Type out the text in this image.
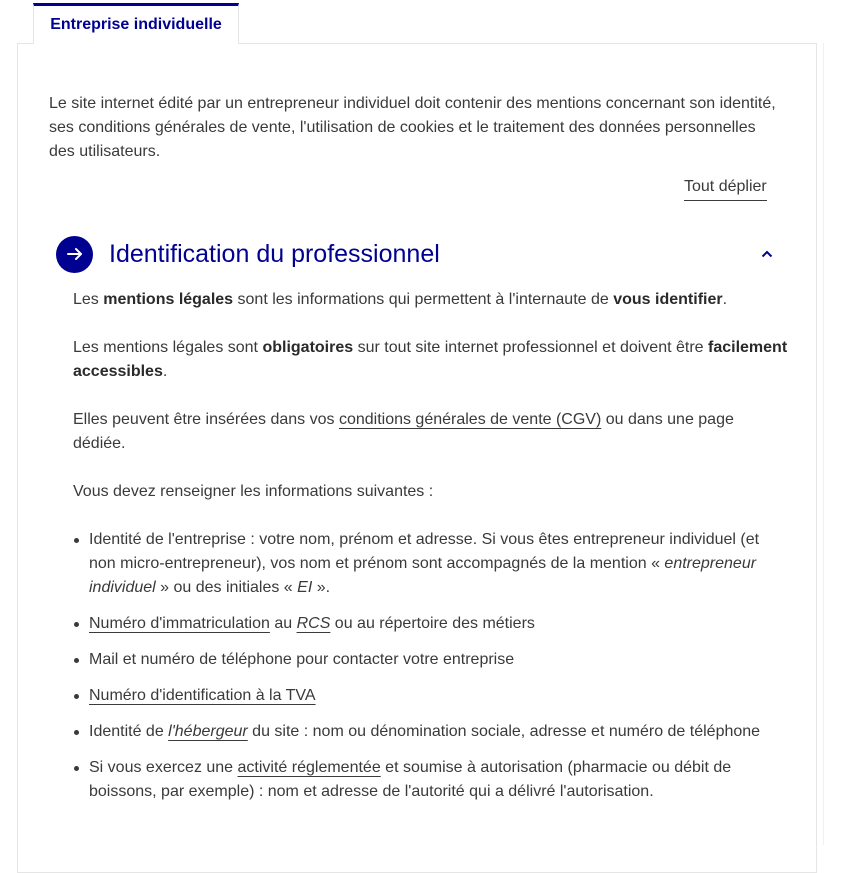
Entreprise individuelle

Le site internet édité par un entrepreneur individuel doit contenir des mentions concernant son identité, ses conditions générales de vente, l'utilisation de cookies et le traitement des données personnelles des utilisateurs.

Tout déplier
Identification du professionnel

Les mentions légales sont les informations qui permettent à l'internaute de vous identifier.

Les mentions légales sont obligatoires sur tout site internet professionnel et doivent être facilement accessibles.

Elles peuvent être insérées dans vos conditions générales de vente (CGV) ou dans une page dédiée.

Vous devez renseigner les informations suivantes :

Identité de l'entreprise : votre nom, prénom et adresse. Si vous êtes entrepreneur individuel (et non micro-entrepreneur), vos nom et prénom sont accompagnés de la mention « entrepreneur individuel » ou des initiales « EI ».
Numéro d'immatriculation au RCS ou au répertoire des métiers
Mail et numéro de téléphone pour contacter votre entreprise
Numéro d'identification à la TVA
Identité de l'hébergeur du site : nom ou dénomination sociale, adresse et numéro de téléphone
Si vous exercez une activité réglementée et soumise à autorisation (pharmacie ou débit de boissons, par exemple) : nom et adresse de l'autorité qui a délivré l'autorisation.
